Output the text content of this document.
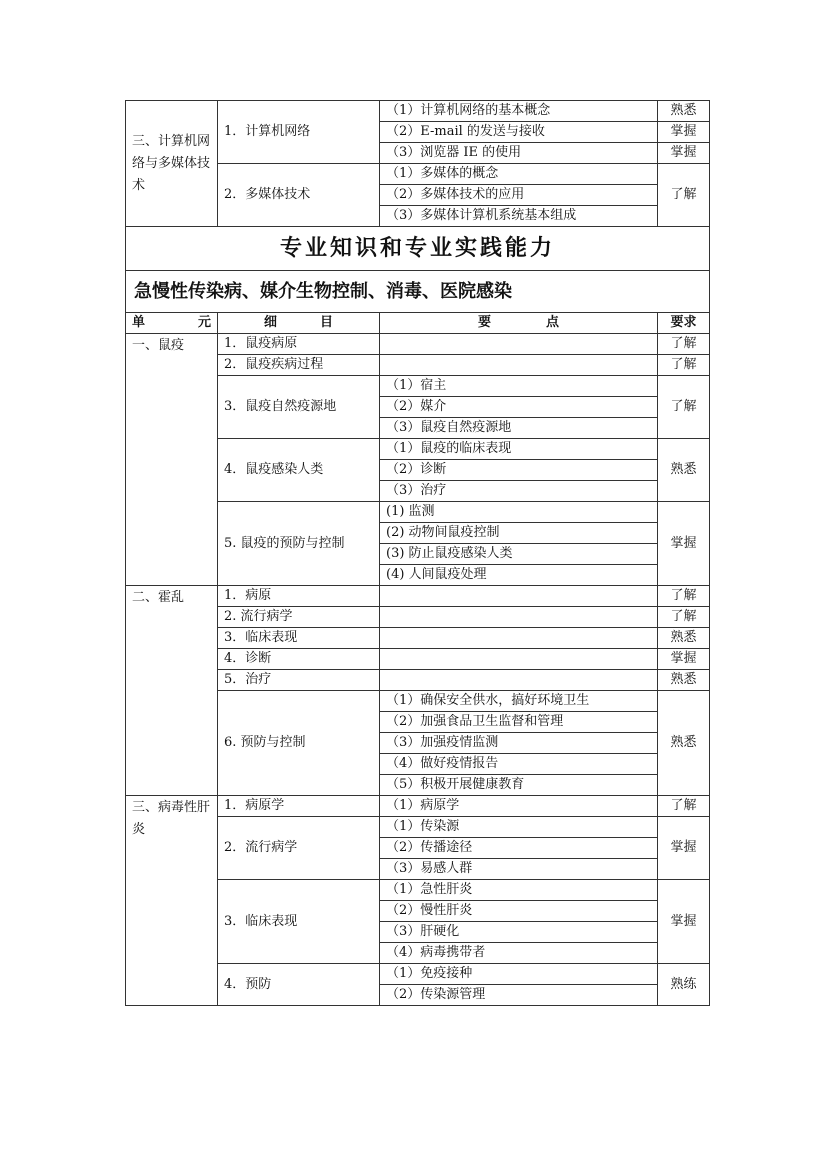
三、计算机网络与多媒体技术	1．计算机网络	（1）计算机网络的基本概念	熟悉
		（2）E-mail 的发送与接收	掌握
		（3）浏览器 IE 的使用	掌握
	2．多媒体技术	（1）多媒体的概念	了解
		（2）多媒体技术的应用	
		（3）多媒体计算机系统基本组成	
专业知识和专业实践能力			
急慢性传染病、媒介生物控制、消毒、医院感染			

单 元	细 目	要 点	要求
一、鼠疫	1．鼠疫病原		了解
	2．鼠疫疾病过程		了解
	3．鼠疫自然疫源地	（1）宿主	了解
		（2）媒介	
		（3）鼠疫自然疫源地	
	4．鼠疫感染人类	（1）鼠疫的临床表现	熟悉
		（2）诊断	
		（3）治疗	
	5. 鼠疫的预防与控制	(1) 监测	掌握
		(2) 动物间鼠疫控制	
		(3) 防止鼠疫感染人类	
		(4) 人间鼠疫处理	
二、霍乱	1．病原		了解
	2. 流行病学		了解
	3．临床表现		熟悉
	4．诊断		掌握
	5．治疗		熟悉
	6. 预防与控制	（1）确保安全供水，搞好环境卫生	熟悉
		（2）加强食品卫生监督和管理	
		（3）加强疫情监测	
		（4）做好疫情报告	
		（5）积极开展健康教育	
三、病毒性肝炎	1．病原学	（1）病原学	了解
	2．流行病学	（1）传染源	掌握
		（2）传播途径	
		（3）易感人群	
	3．临床表现	（1）急性肝炎	掌握
		（2）慢性肝炎	
		（3）肝硬化	
		（4）病毒携带者	
	4．预防	（1）免疫接种	熟练
		（2）传染源管理	
